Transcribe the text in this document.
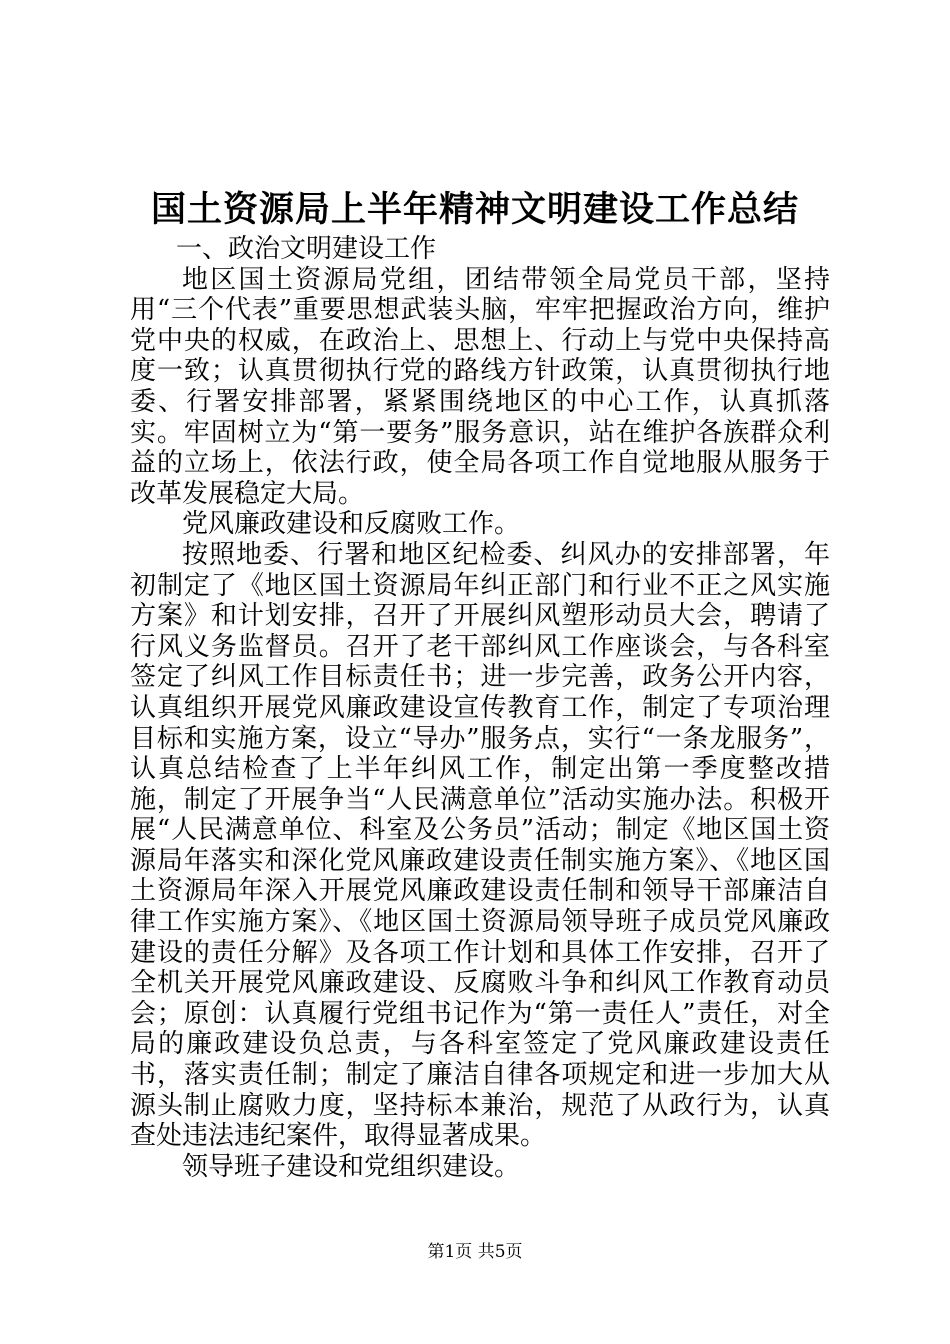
国土资源局上半年精神文明建设工作总结

一、政治文明建设工作

地区国土资源局党组，团结带领全局党员干部，坚持用“三个代表”重要思想武装头脑，牢牢把握政治方向，维护党中央的权威，在政治上、思想上、行动上与党中央保持高度一致；认真贯彻执行党的路线方针政策，认真贯彻执行地委、行署安排部署，紧紧围绕地区的中心工作，认真抓落实。牢固树立为“第一要务”服务意识，站在维护各族群众利益的立场上，依法行政，使全局各项工作自觉地服从服务于改革发展稳定大局。

党风廉政建设和反腐败工作。

按照地委、行署和地区纪检委、纠风办的安排部署，年初制定了《地区国土资源局年纠正部门和行业不正之风实施方案》和计划安排，召开了开展纠风塑形动员大会，聘请了行风义务监督员。召开了老干部纠风工作座谈会，与各科室签定了纠风工作目标责任书；进一步完善，政务公开内容，认真组织开展党风廉政建设宣传教育工作，制定了专项治理目标和实施方案，设立“导办”服务点，实行“一条龙服务”，认真总结检查了上半年纠风工作，制定出第一季度整改措施，制定了开展争当“人民满意单位”活动实施办法。积极开展“人民满意单位、科室及公务员”活动；制定《地区国土资源局年落实和深化党风廉政建设责任制实施方案》、《地区国土资源局年深入开展党风廉政建设责任制和领导干部廉洁自律工作实施方案》、《地区国土资源局领导班子成员党风廉政建设的责任分解》及各项工作计划和具体工作安排，召开了全机关开展党风廉政建设、反腐败斗争和纠风工作教育动员会；原创：认真履行党组书记作为“第一责任人”责任，对全局的廉政建设负总责，与各科室签定了党风廉政建设责任书，落实责任制；制定了廉洁自律各项规定和进一步加大从源头制止腐败力度，坚持标本兼治，规范了从政行为，认真查处违法违纪案件，取得显著成果。

领导班子建设和党组织建设。

第1页 共5页
